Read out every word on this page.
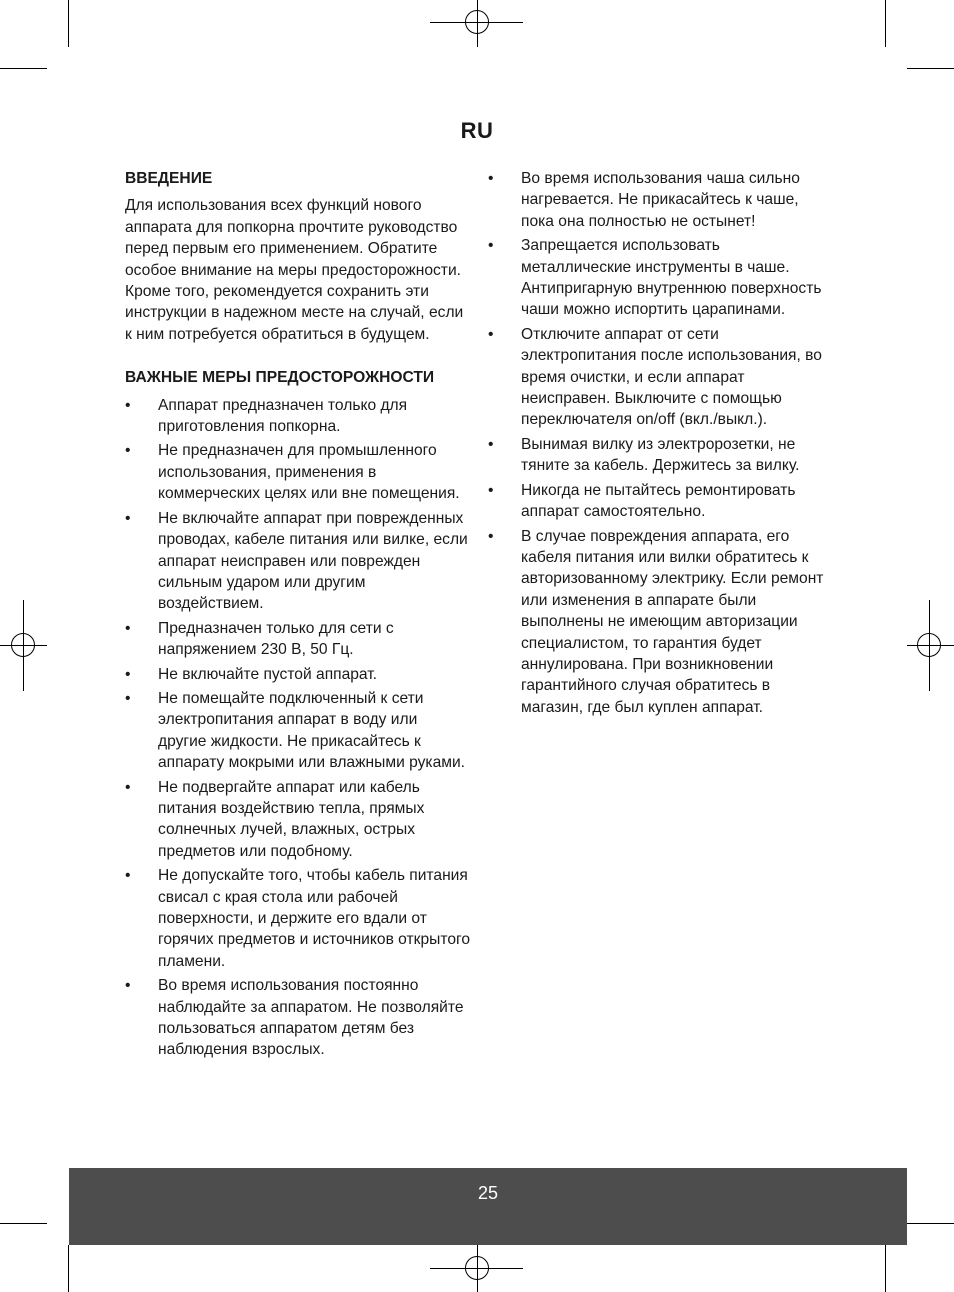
RU
ВВЕДЕНИЕ

Для использования всех функций нового аппарата для попкорна прочтите руководство перед первым его применением. Обратите особое внимание на меры предосторожности. Кроме того, рекомендуется сохранить эти инструкции в надежном месте на случай, если к ним потребуется обратиться в будущем.

ВАЖНЫЕ МЕРЫ ПРЕДОСТОРОЖНОСТИ
• Аппарат предназначен только для приготовления попкорна.
• Не предназначен для промышленного использования, применения в коммерческих целях или вне помещения.
• Не включайте аппарат при поврежденных проводах, кабеле питания или вилке, если аппарат неисправен или поврежден сильным ударом или другим воздействием.
• Предназначен только для сети с напряжением 230 В, 50 Гц.
• Не включайте пустой аппарат.
• Не помещайте подключенный к сети электропитания аппарат в воду или другие жидкости. Не прикасайтесь к аппарату мокрыми или влажными руками.
• Не подвергайте аппарат или кабель питания воздействию тепла, прямых солнечных лучей, влажных, острых предметов или подобному.
• Не допускайте того, чтобы кабель питания свисал с края стола или рабочей поверхности, и держите его вдали от горячих предметов и источников открытого пламени.
• Во время использования постоянно наблюдайте за аппаратом. Не позволяйте пользоваться аппаратом детям без наблюдения взрослых.
• Во время использования чаша сильно нагревается. Не прикасайтесь к чаше, пока она полностью не остынет!
• Запрещается использовать металлические инструменты в чаше. Антипригарную внутреннюю поверхность чаши можно испортить царапинами.
• Отключите аппарат от сети электропитания после использования, во время очистки, и если аппарат неисправен. Выключите с помощью переключателя on/off (вкл./выкл.).
• Вынимая вилку из электророзетки, не тяните за кабель. Держитесь за вилку.
• Никогда не пытайтесь ремонтировать аппарат самостоятельно.
• В случае повреждения аппарата, его кабеля питания или вилки обратитесь к авторизованному электрику. Если ремонт или изменения в аппарате были выполнены не имеющим авторизации специалистом, то гарантия будет аннулирована. При возникновении гарантийного случая обратитесь в магазин, где был куплен аппарат.
25
